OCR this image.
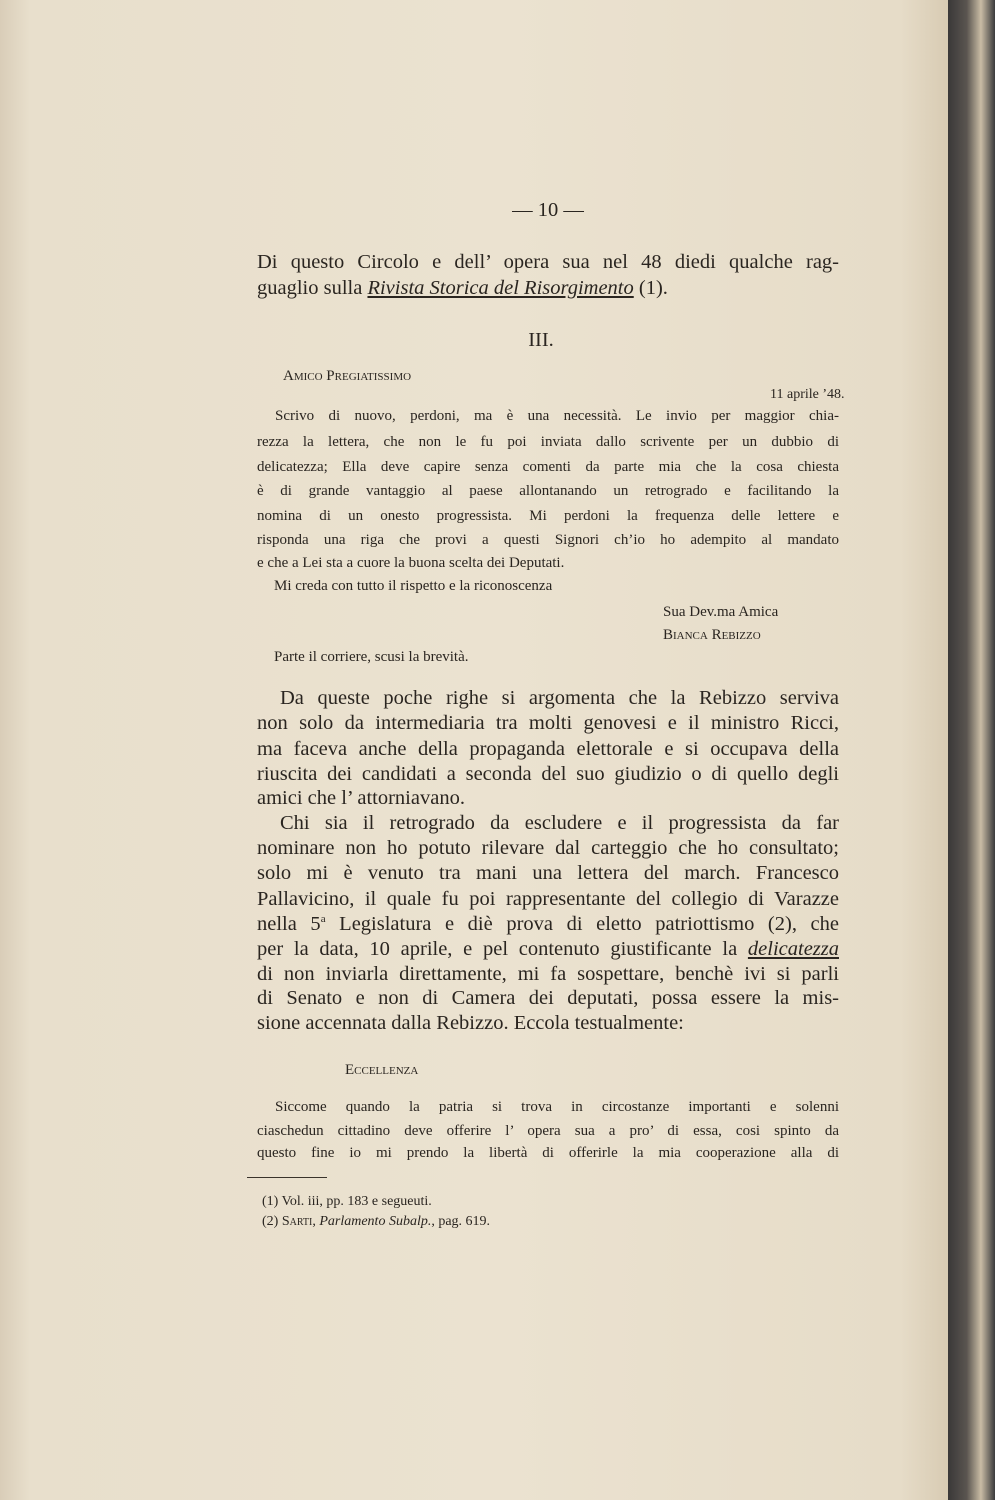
— 10 —
Di questo Circolo e dell’ opera sua nel 48 diedi qualche rag-
guaglio sulla Rivista Storica del Risorgimento (1).
III.
Amico Pregiatissimo
11 aprile ’48.
Scrivo di nuovo, perdoni, ma è una necessità. Le invio per maggior chia-
rezza la lettera, che non le fu poi inviata dallo scrivente per un dubbio di
delicatezza; Ella deve capire senza comenti da parte mia che la cosa chiesta
è di grande vantaggio al paese allontanando un retrogrado e facilitando la
nomina di un onesto progressista. Mi perdoni la frequenza delle lettere e
risponda una riga che provi a questi Signori ch’io ho adempito al mandato
e che a Lei sta a cuore la buona scelta dei Deputati.
Mi creda con tutto il rispetto e la riconoscenza
Sua Dev.ma Amica
Bianca Rebizzo
Parte il corriere, scusi la brevità.
Da queste poche righe si argomenta che la Rebizzo serviva
non solo da intermediaria tra molti genovesi e il ministro Ricci,
ma faceva anche della propaganda elettorale e si occupava della
riuscita dei candidati a seconda del suo giudizio o di quello degli
amici che l’ attorniavano.
Chi sia il retrogrado da escludere e il progressista da far
nominare non ho potuto rilevare dal carteggio che ho consultato;
solo mi è venuto tra mani una lettera del march. Francesco
Pallavicino, il quale fu poi rappresentante del collegio di Varazze
nella 5$^a$ Legislatura e diè prova di eletto patriottismo (2), che
per la data, 10 aprile, e pel contenuto giustificante la delicatezza
di non inviarla direttamente, mi fa sospettare, benchè ivi si parli
di Senato e non di Camera dei deputati, possa essere la mis-
sione accennata dalla Rebizzo. Eccola testualmente:
Eccellenza
Siccome quando la patria si trova in circostanze importanti e solenni
ciaschedun cittadino deve offerire l’ opera sua a pro’ di essa, cosi spinto da
questo fine io mi prendo la libertà di offerirle la mia cooperazione alla di
(1) Vol. iii, pp. 183 e segueuti.
(2) Sarti, Parlamento Subalp., pag. 619.
